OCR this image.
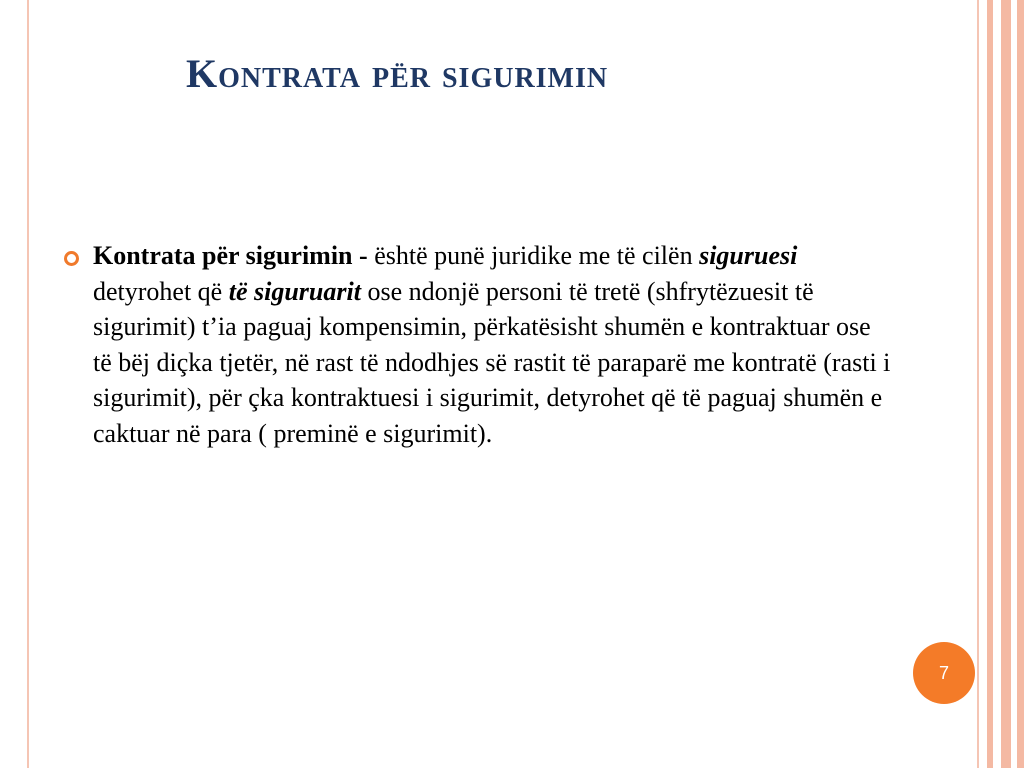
Kontrata për sigurimin

Kontrata për sigurimin - është punë juridike me të cilën siguruesi detyrohet që të siguruarit ose ndonjë personi të tretë (shfrytëzuesit të sigurimit) t’ia paguaj kompensimin, përkatësisht shumën e kontraktuar ose të bëj diçka tjetër, në rast të ndodhjes së rastit të paraparë me kontratë (rasti i sigurimit), për çka kontraktuesi i sigurimit, detyrohet që të paguaj shumën e caktuar në para ( preminë e sigurimit).

7
